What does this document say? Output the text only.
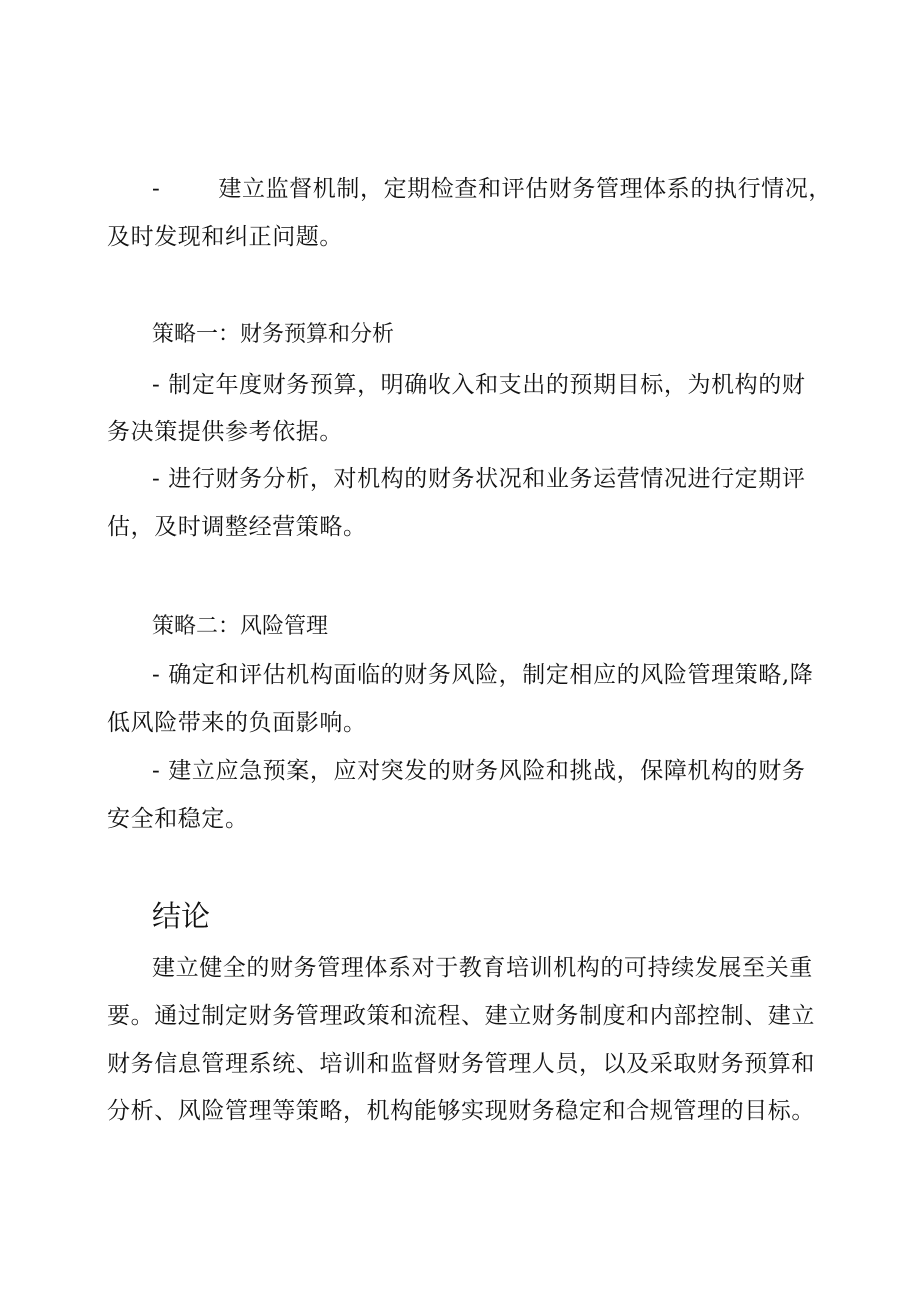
-	建立监督机制，定期检查和评估财务管理体系的执行情况，
及时发现和纠正问题。
策略一：财务预算和分析
- 制定年度财务预算，明确收入和支出的预期目标，为机构的财
务决策提供参考依据。
- 进行财务分析，对机构的财务状况和业务运营情况进行定期评
估，及时调整经营策略。
策略二：风险管理
- 确定和评估机构面临的财务风险，制定相应的风险管理策略,降
低风险带来的负面影响。
- 建立应急预案，应对突发的财务风险和挑战，保障机构的财务
安全和稳定。
结论
建立健全的财务管理体系对于教育培训机构的可持续发展至关重
要。通过制定财务管理政策和流程、建立财务制度和内部控制、建立
财务信息管理系统、培训和监督财务管理人员，以及采取财务预算和
分析、风险管理等策略，机构能够实现财务稳定和合规管理的目标。
